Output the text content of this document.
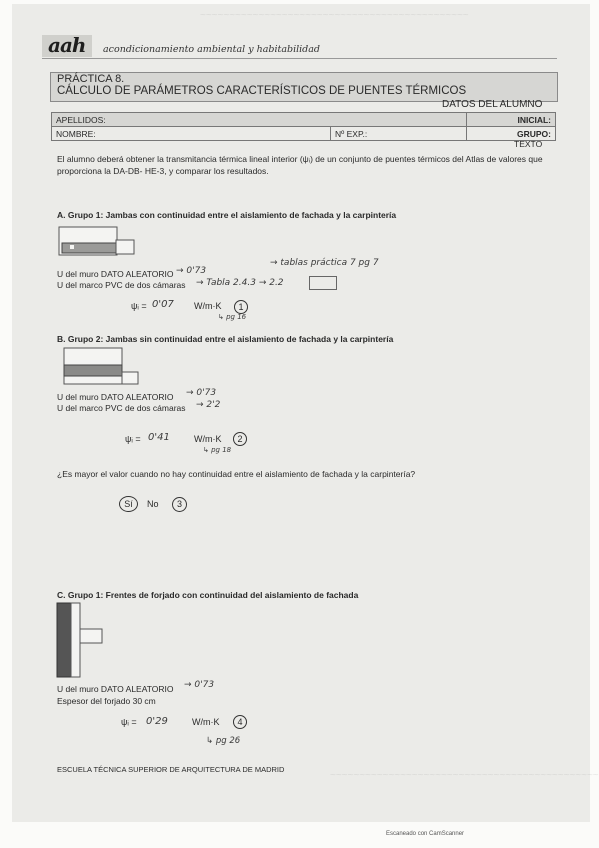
~~~~~~~~~~~~~~~~~~~~~~~~~~~~~~~~~~~~~~~~~~~~~~
~~~~~~~~~~~~~~~~~~~~~~~~~~~~~~~~~~~~~~~~~~~~~~
aah acondicionamiento ambiental y habitabilidad
PRÁCTICA 8.
CÁLCULO DE PARÁMETROS CARACTERÍSTICOS DE PUENTES TÉRMICOS
DATOS DEL ALUMNO
APELLIDOS:		INICIAL:
NOMBRE:	Nº EXP.:	GRUPO:
TEXTO
El alumno deberá obtener la transmitancia térmica lineal interior (ψᵢ) de un conjunto de puentes térmicos del Atlas de valores que proporciona la DA-DB- HE-3, y comparar los resultados.
A. Grupo 1: Jambas con continuidad entre el aislamiento de fachada y la carpintería
U del muro DATO ALEATORIO → 0'73
→ tablas práctica 7 pg 7
U del marco PVC de dos cámaras → Tabla 2.4.3 → 2.2
ψᵢ = 0'07 W/m·K	1
↳ pg 16
B. Grupo 2: Jambas sin continuidad entre el aislamiento de fachada y la carpintería
U del muro DATO ALEATORIO → 0'73
U del marco PVC de dos cámaras → 2'2
ψᵢ = 0'41	W/m·K	2
↳ pg 18
¿Es mayor el valor cuando no hay continuidad entre el aislamiento de fachada y la carpintería?
Sí	No	3
C. Grupo 1: Frentes de forjado con continuidad del aislamiento de fachada
U del muro DATO ALEATORIO → 0'73
Espesor del forjado 30 cm
ψᵢ = 0'29	W/m·K	4
↳ pg 26
ESCUELA TÉCNICA SUPERIOR DE ARQUITECTURA DE MADRID
Escaneado con CamScanner
